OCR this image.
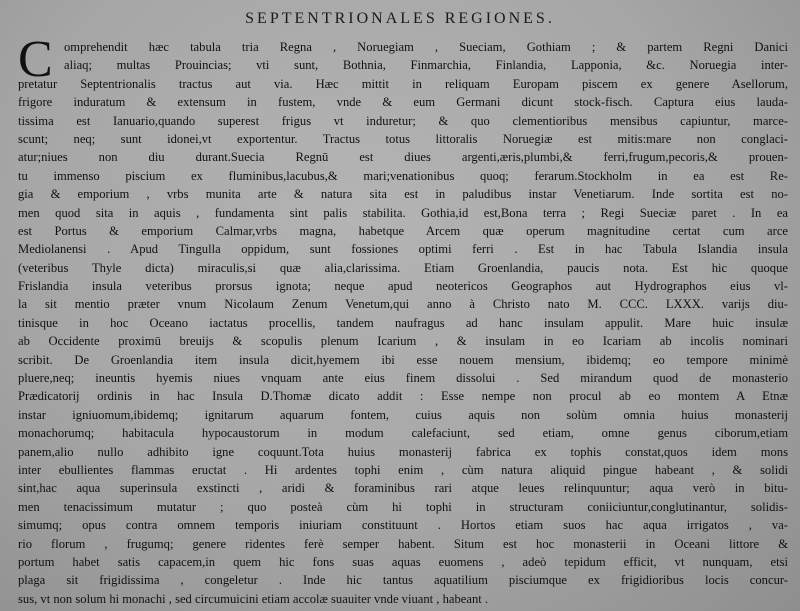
SEPTENTRIONALES REGIONES.
C omprehendit hæc tabula tria Regna , Noruegiam , Sueciam, Gothiam ; & partem Regni Danici
aliaq; multas Prouincias; vti sunt, Bothnia, Finmarchia, Finlandia, Lapponia, &c. Noruegia inter-
pretatur Septentrionalis tractus aut via. Hæc mittit in reliquam Europam piscem ex genere Asellorum,
frigore induratum & extensum in fustem, vnde & eum Germani dicunt stock-fisch. Captura eius lauda-
tissima est Ianuario,quando superest frigus vt induretur; & quo clementioribus mensibus capiuntur, marce-
scunt; neq; sunt idonei,vt exportentur. Tractus totus littoralis Noruegiæ est mitis:mare non conglaci-
atur;niues non diu durant.Suecia Regnū est diues argenti,æris,plumbi,& ferri,frugum,pecoris,& prouen-
tu immenso piscium ex fluminibus,lacubus,& mari;venationibus quoq; ferarum.Stockholm in ea est Re-
gia & emporium , vrbs munita arte & natura sita est in paludibus instar Venetiarum. Inde sortita est no-
men quod sita in aquis , fundamenta sint palis stabilita. Gothia,id est,Bona terra ; Regi Sueciæ paret . In ea
est Portus & emporium Calmar,vrbs magna, habetque Arcem quæ operum magnitudine certat cum arce
Mediolanensi . Apud Tingulla oppidum, sunt fossiones optimi ferri . Est in hac Tabula Islandia insula
(veteribus Thyle dicta) miraculis,si quæ alia,clarissima. Etiam Groenlandia, paucis nota. Est hic quoque
Frislandia insula veteribus prorsus ignota; neque apud neotericos Geographos aut Hydrographos eius vl-
la sit mentio præter vnum Nicolaum Zenum Venetum,qui anno à Christo nato M. CCC. LXXX. varijs diu-
tinisque in hoc Oceano iactatus procellis, tandem naufragus ad hanc insulam appulit. Mare huic insulæ
ab Occidente proximū breuijs & scopulis plenum Icarium , & insulam in eo Icariam ab incolis nominari
scribit. De Groenlandia item insula dicit,hyemem ibi esse nouem mensium, ibidemq; eo tempore minimè
pluere,neq; ineuntis hyemis niues vnquam ante eius finem dissolui . Sed mirandum quod de monasterio
Prædicatorij ordinis in hac Insula D.Thomæ dicato addit : Esse nempe non procul ab eo montem A Etnæ
instar igniuomum,ibidemq; ignitarum aquarum fontem, cuius aquis non solùm omnia huius monasterij
monachorumq; habitacula hypocaustorum in modum calefaciunt, sed etiam, omne genus ciborum,etiam
panem,alio nullo adhibito igne coquunt.Tota huius monasterij fabrica ex tophis constat,quos idem mons
inter ebullientes flammas eructat . Hi ardentes tophi enim , cùm natura aliquid pingue habeant , & solidi
sint,hac aqua superinsula exstincti , aridi & foraminibus rari atque leues relinquuntur; aqua verò in bitu-
men tenacissimum mutatur ; quo posteà cùm hi tophi in structuram coniiciuntur,conglutinantur, solidis-
simumq; opus contra omnem temporis iniuriam constituunt . Hortos etiam suos hac aqua irrigatos , va-
rio florum , frugumq; genere ridentes ferè semper habent. Situm est hoc monasterii in Oceani littore &
portum habet satis capacem,in quem hic fons suas aquas euomens , adeò tepidum efficit, vt nunquam, etsi
plaga sit frigidissima , congeletur . Inde hic tantus aquatilium pisciumque ex frigidioribus locis concur-
sus, vt non solum hi monachi , sed circumuicini etiam accolæ suauiter vnde viuant , habeant .
